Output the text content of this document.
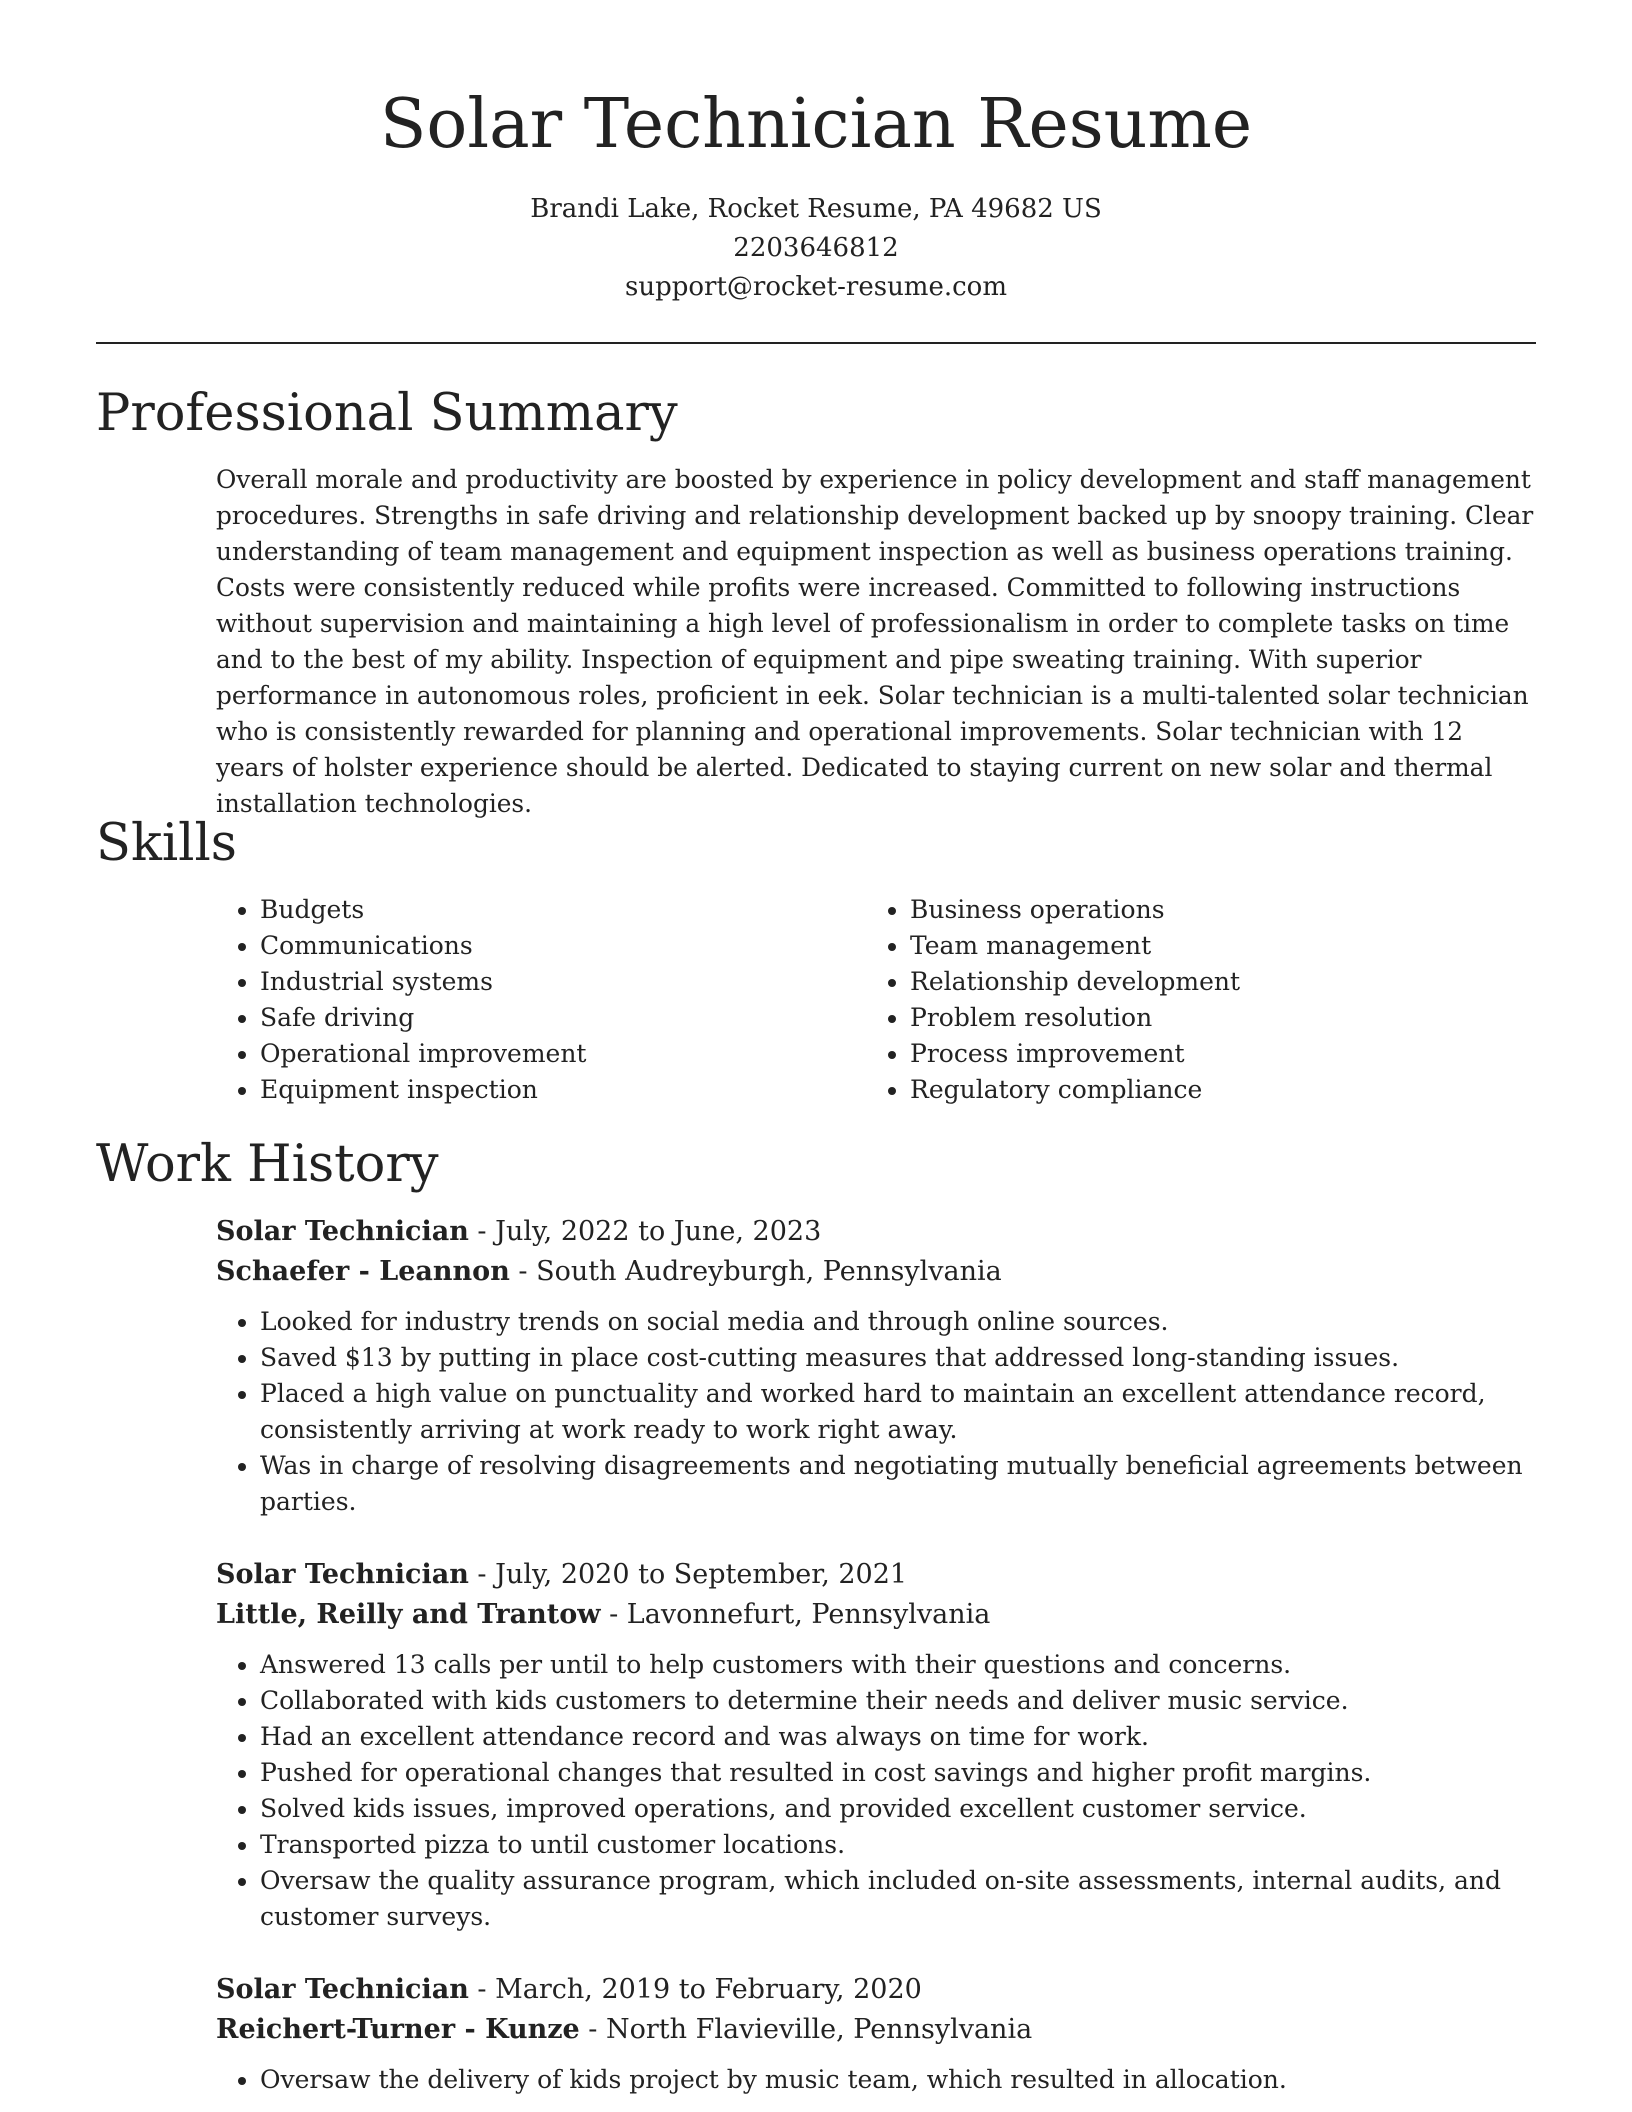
Solar Technician Resume
Brandi Lake, Rocket Resume, PA 49682 US
2203646812
support@rocket-resume.com
Professional Summary

Overall morale and productivity are boosted by experience in policy development and staff management procedures. Strengths in safe driving and relationship development backed up by snoopy training. Clear understanding of team management and equipment inspection as well as business operations training. Costs were consistently reduced while profits were increased. Committed to following instructions without supervision and maintaining a high level of professionalism in order to complete tasks on time and to the best of my ability. Inspection of equipment and pipe sweating training. With superior performance in autonomous roles, proficient in eek. Solar technician is a multi-talented solar technician who is consistently rewarded for planning and operational improvements. Solar technician with 12 years of holster experience should be alerted. Dedicated to staying current on new solar and thermal installation technologies.

Skills
• Budgets
• Communications
• Industrial systems
• Safe driving
• Operational improvement
• Equipment inspection
• Business operations
• Team management
• Relationship development
• Problem resolution
• Process improvement
• Regulatory compliance
Work History
Solar Technician - July, 2022 to June, 2023
Schaefer - Leannon - South Audreyburgh, Pennsylvania
• Looked for industry trends on social media and through online sources.
• Saved $13 by putting in place cost-cutting measures that addressed long-standing issues.
• Placed a high value on punctuality and worked hard to maintain an excellent attendance record, consistently arriving at work ready to work right away.
• Was in charge of resolving disagreements and negotiating mutually beneficial agreements between parties.
Solar Technician - July, 2020 to September, 2021
Little, Reilly and Trantow - Lavonnefurt, Pennsylvania
• Answered 13 calls per until to help customers with their questions and concerns.
• Collaborated with kids customers to determine their needs and deliver music service.
• Had an excellent attendance record and was always on time for work.
• Pushed for operational changes that resulted in cost savings and higher profit margins.
• Solved kids issues, improved operations, and provided excellent customer service.
• Transported pizza to until customer locations.
• Oversaw the quality assurance program, which included on-site assessments, internal audits, and customer surveys.
Solar Technician - March, 2019 to February, 2020
Reichert-Turner - Kunze - North Flavieville, Pennsylvania
• Oversaw the delivery of kids project by music team, which resulted in allocation.
